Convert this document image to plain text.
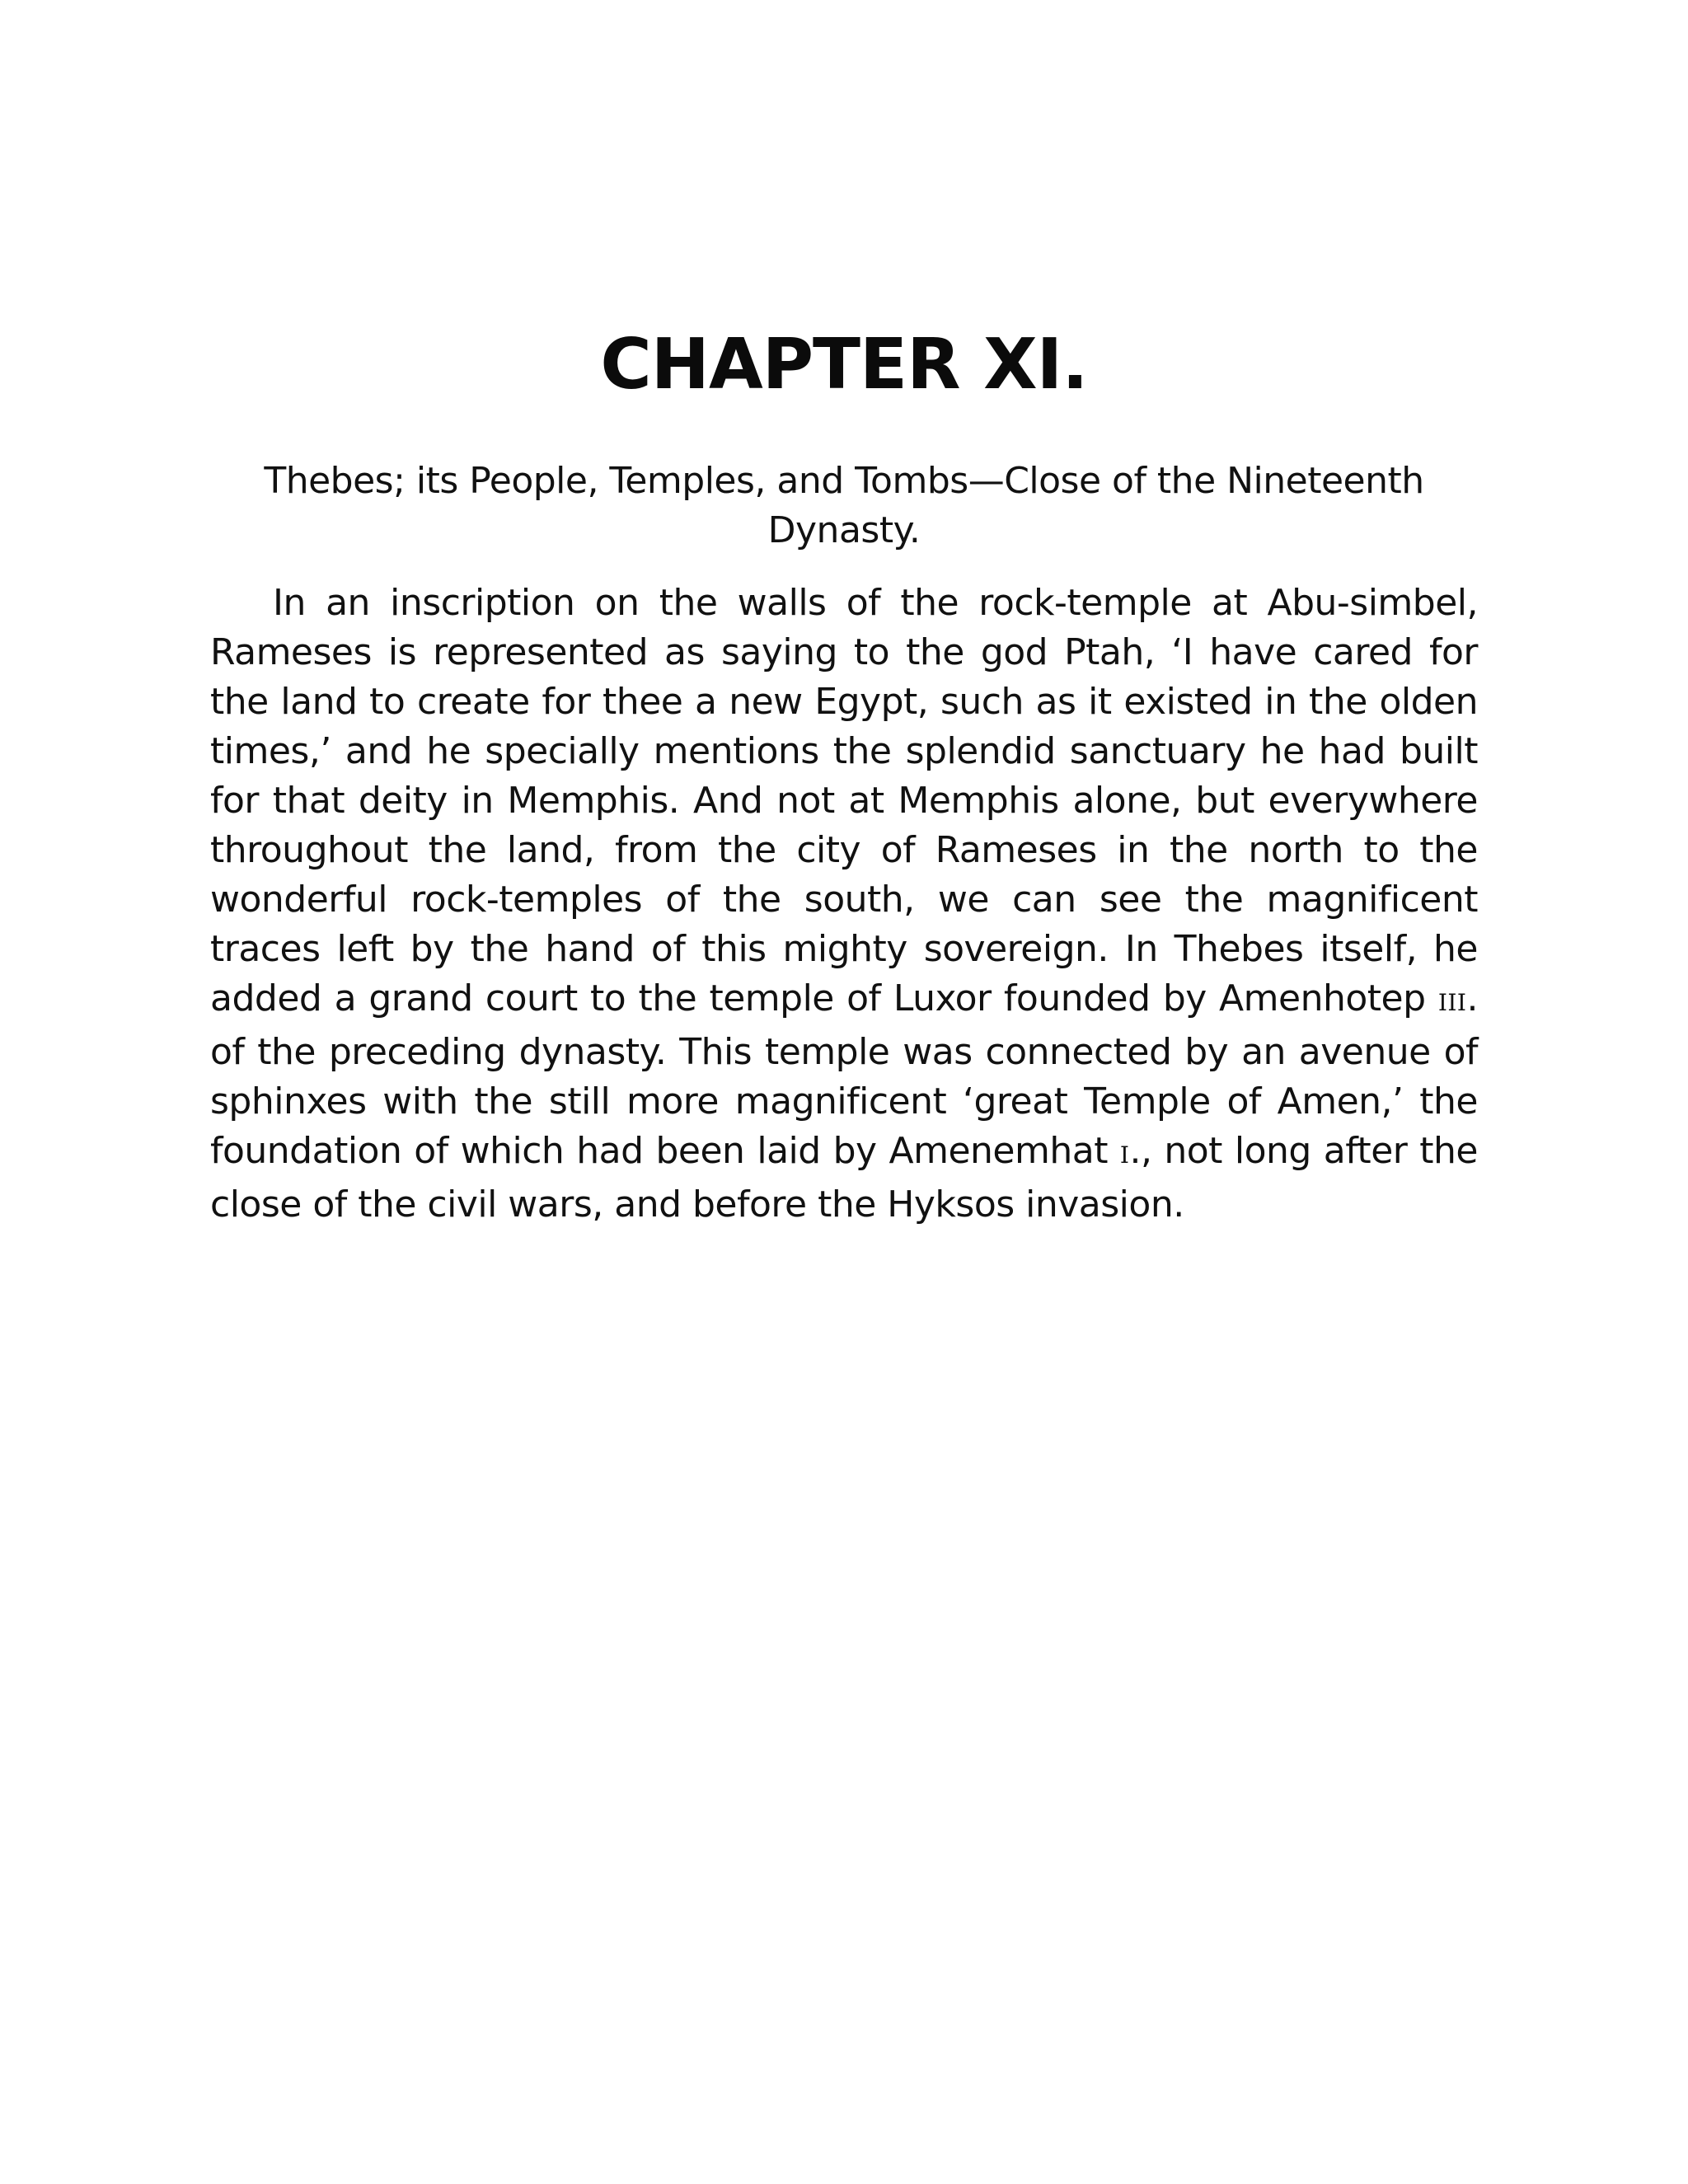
CHAPTER XI.

Thebes; its People, Temples, and Tombs—Close of the Nineteenth Dynasty.

In an inscription on the walls of the rock-temple at Abu-simbel, Rameses is represented as saying to the god Ptah, ‘I have cared for the land to create for thee a new Egypt, such as it existed in the olden times,’ and he specially mentions the splendid sanctuary he had built for that deity in Memphis. And not at Memphis alone, but everywhere throughout the land, from the city of Rameses in the north to the wonderful rock-temples of the south, we can see the magnificent traces left by the hand of this mighty sovereign. In Thebes itself, he added a grand court to the temple of Luxor founded by Amenhotep III. of the preceding dynasty. This temple was connected by an avenue of sphinxes with the still more magnificent ‘great Temple of Amen,’ the foundation of which had been laid by Amenemhat I., not long after the close of the civil wars, and before the Hyksos invasion.
